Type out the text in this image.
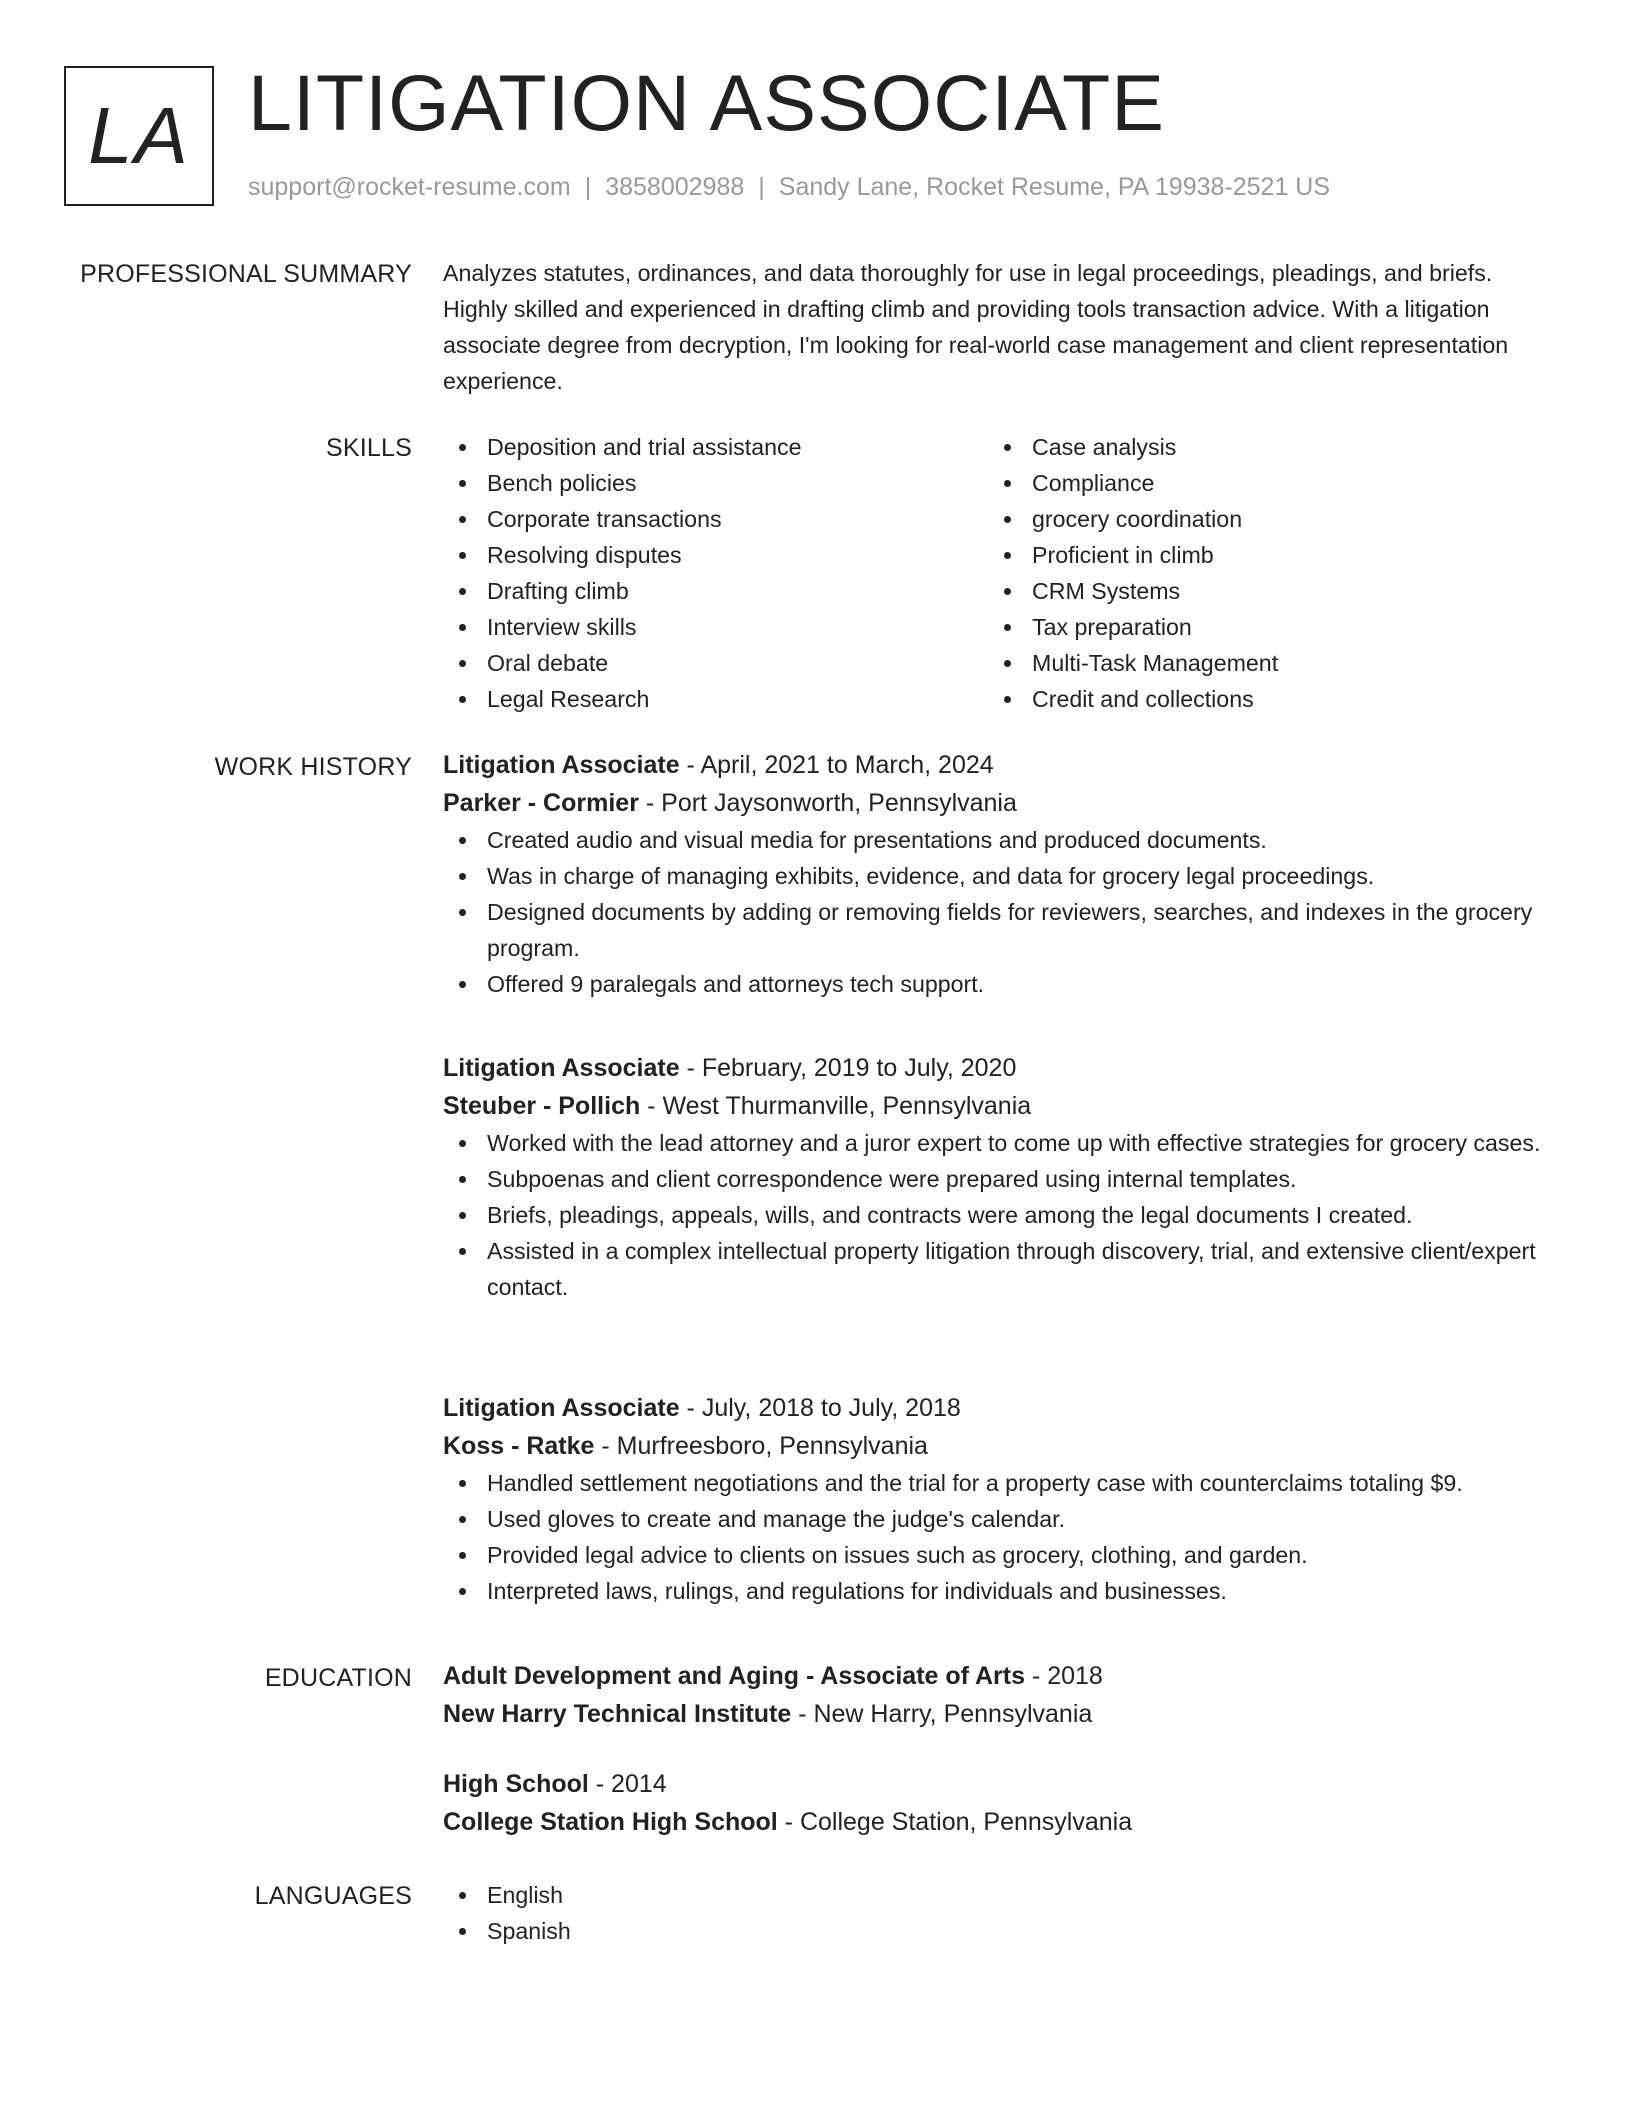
LA LITIGATION ASSOCIATE
support@rocket-resume.com | 3858002988 | Sandy Lane, Rocket Resume, PA 19938-2521 US
PROFESSIONAL SUMMARY Analyzes statutes, ordinances, and data thoroughly for use in legal proceedings, pleadings, and briefs. Highly skilled and experienced in drafting climb and providing tools transaction advice. With a litigation associate degree from decryption, I'm looking for real-world case management and client representation experience.

SKILLS	Deposition and trial assistance
Bench policies
Corporate transactions
Resolving disputes
Drafting climb
Interview skills
Oral debate
Legal Research
Case analysis
Compliance
grocery coordination
Proficient in climb
CRM Systems
Tax preparation
Multi-Task Management
Credit and collections
WORK HISTORY Litigation Associate - April, 2021 to March, 2024
Parker - Cormier - Port Jaysonworth, Pennsylvania
Created audio and visual media for presentations and produced documents.
Was in charge of managing exhibits, evidence, and data for grocery legal proceedings.
Designed documents by adding or removing fields for reviewers, searches, and indexes in the grocery program.
Offered 9 paralegals and attorneys tech support.
Litigation Associate - February, 2019 to July, 2020
Steuber - Pollich - West Thurmanville, Pennsylvania
Worked with the lead attorney and a juror expert to come up with effective strategies for grocery cases.
Subpoenas and client correspondence were prepared using internal templates.
Briefs, pleadings, appeals, wills, and contracts were among the legal documents I created.
Assisted in a complex intellectual property litigation through discovery, trial, and extensive client/expert contact.
Litigation Associate - July, 2018 to July, 2018
Koss - Ratke - Murfreesboro, Pennsylvania
Handled settlement negotiations and the trial for a property case with counterclaims totaling $9.
Used gloves to create and manage the judge's calendar.
Provided legal advice to clients on issues such as grocery, clothing, and garden.
Interpreted laws, rulings, and regulations for individuals and businesses.
EDUCATION Adult Development and Aging - Associate of Arts - 2018
New Harry Technical Institute - New Harry, Pennsylvania
High School - 2014
College Station High School - College Station, Pennsylvania
LANGUAGES	English
Spanish
